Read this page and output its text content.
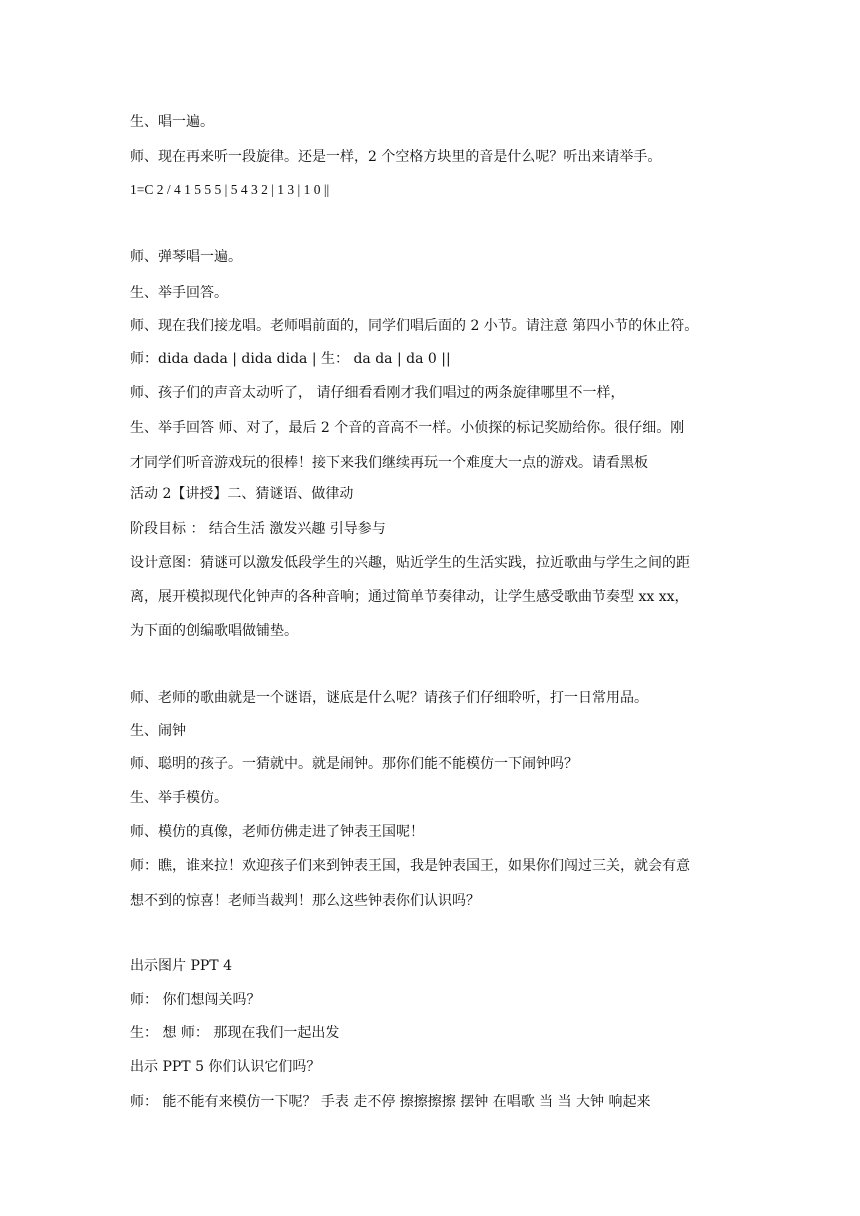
生、唱一遍。
师、现在再来听一段旋律。还是一样，2 个空格方块里的音是什么呢？听出来请举手。
1=C 2 / 4 1 5 5 5 | 5 4 3 2 | 1 3 | 1 0 ||
师、弹琴唱一遍。
生、举手回答。
师、现在我们接龙唱。老师唱前面的，同学们唱后面的 2 小节。请注意 第四小节的休止符。
师：dida dada | dida dida | 生： da da | da 0 ||
师、孩子们的声音太动听了， 请仔细看看刚才我们唱过的两条旋律哪里不一样，
生、举手回答 师、对了，最后 2 个音的音高不一样。小侦探的标记奖励给你。很仔细。刚
才同学们听音游戏玩的很棒！接下来我们继续再玩一个难度大一点的游戏。请看黑板
活动 2【讲授】二、猜谜语、做律动
阶段目标 ： 结合生活 激发兴趣 引导参与
设计意图：猜谜可以激发低段学生的兴趣，贴近学生的生活实践，拉近歌曲与学生之间的距
离，展开模拟现代化钟声的各种音响；通过简单节奏律动，让学生感受歌曲节奏型 xx xx，
为下面的创编歌唱做铺垫。
师、老师的歌曲就是一个谜语，谜底是什么呢？请孩子们仔细聆听，打一日常用品。
生、闹钟
师、聪明的孩子。一猜就中。就是闹钟。那你们能不能模仿一下闹钟吗？
生、举手模仿。
师、模仿的真像，老师仿佛走进了钟表王国呢！
师：瞧，谁来拉！欢迎孩子们来到钟表王国，我是钟表国王，如果你们闯过三关，就会有意
想不到的惊喜！老师当裁判！那么这些钟表你们认识吗？
出示图片 PPT 4
师： 你们想闯关吗？
生： 想 师： 那现在我们一起出发
出示 PPT 5 你们认识它们吗？
师： 能不能有来模仿一下呢？ 手表 走不停 擦擦擦擦 摆钟 在唱歌 当 当 大钟 响起来
